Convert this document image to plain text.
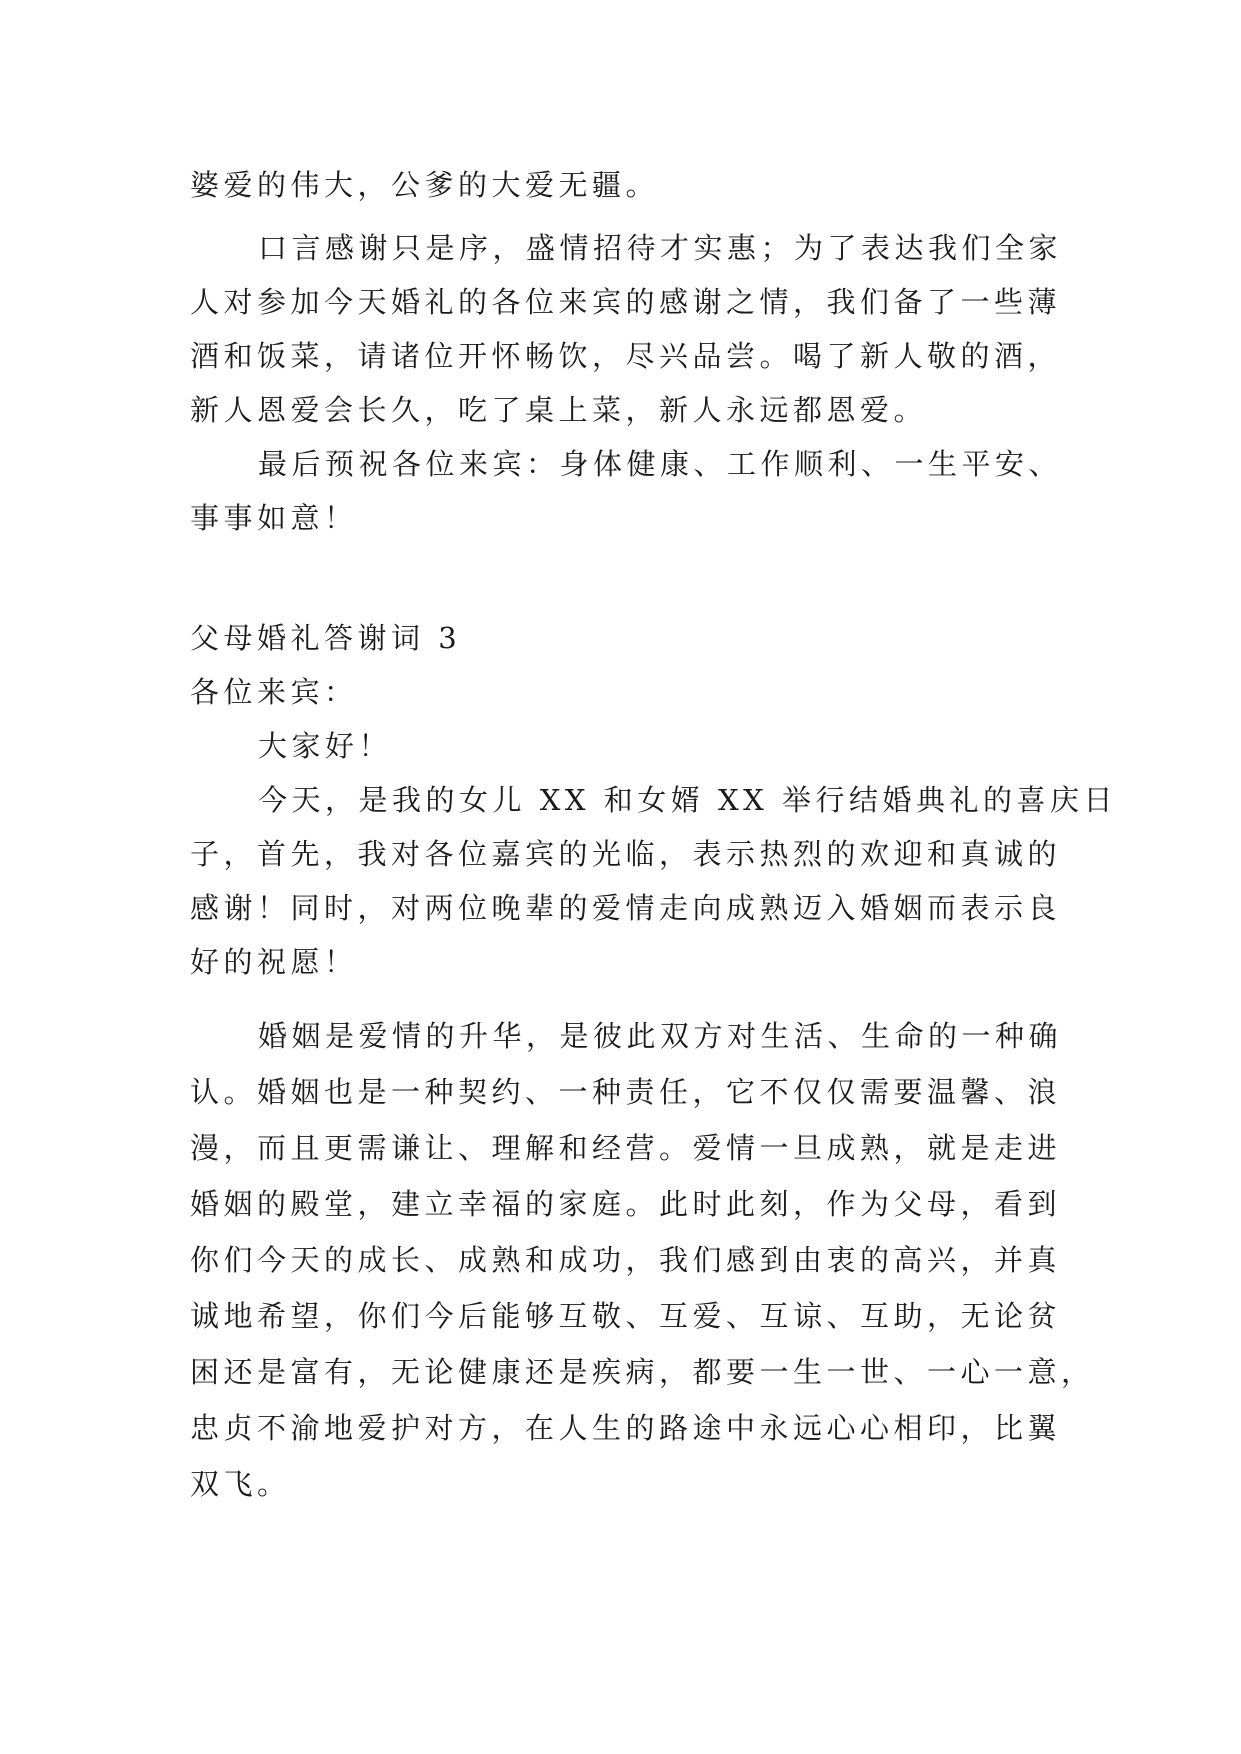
婆爱的伟大，公爹的大爱无疆。
口言感谢只是序，盛情招待才实惠；为了表达我们全家
人对参加今天婚礼的各位来宾的感谢之情，我们备了一些薄
酒和饭菜，请诸位开怀畅饮，尽兴品尝。喝了新人敬的酒，
新人恩爱会长久，吃了桌上菜，新人永远都恩爱。
最后预祝各位来宾：身体健康、工作顺利、一生平安、
事事如意！
父母婚礼答谢词 3
各位来宾：
大家好！
今天，是我的女儿 XX 和女婿 XX 举行结婚典礼的喜庆日
子，首先，我对各位嘉宾的光临，表示热烈的欢迎和真诚的
感谢！同时，对两位晚辈的爱情走向成熟迈入婚姻而表示良
好的祝愿！
婚姻是爱情的升华，是彼此双方对生活、生命的一种确
认。婚姻也是一种契约、一种责任，它不仅仅需要温馨、浪
漫，而且更需谦让、理解和经营。爱情一旦成熟，就是走进
婚姻的殿堂，建立幸福的家庭。此时此刻，作为父母，看到
你们今天的成长、成熟和成功，我们感到由衷的高兴，并真
诚地希望，你们今后能够互敬、互爱、互谅、互助，无论贫
困还是富有，无论健康还是疾病，都要一生一世、一心一意，
忠贞不渝地爱护对方，在人生的路途中永远心心相印，比翼
双飞。
